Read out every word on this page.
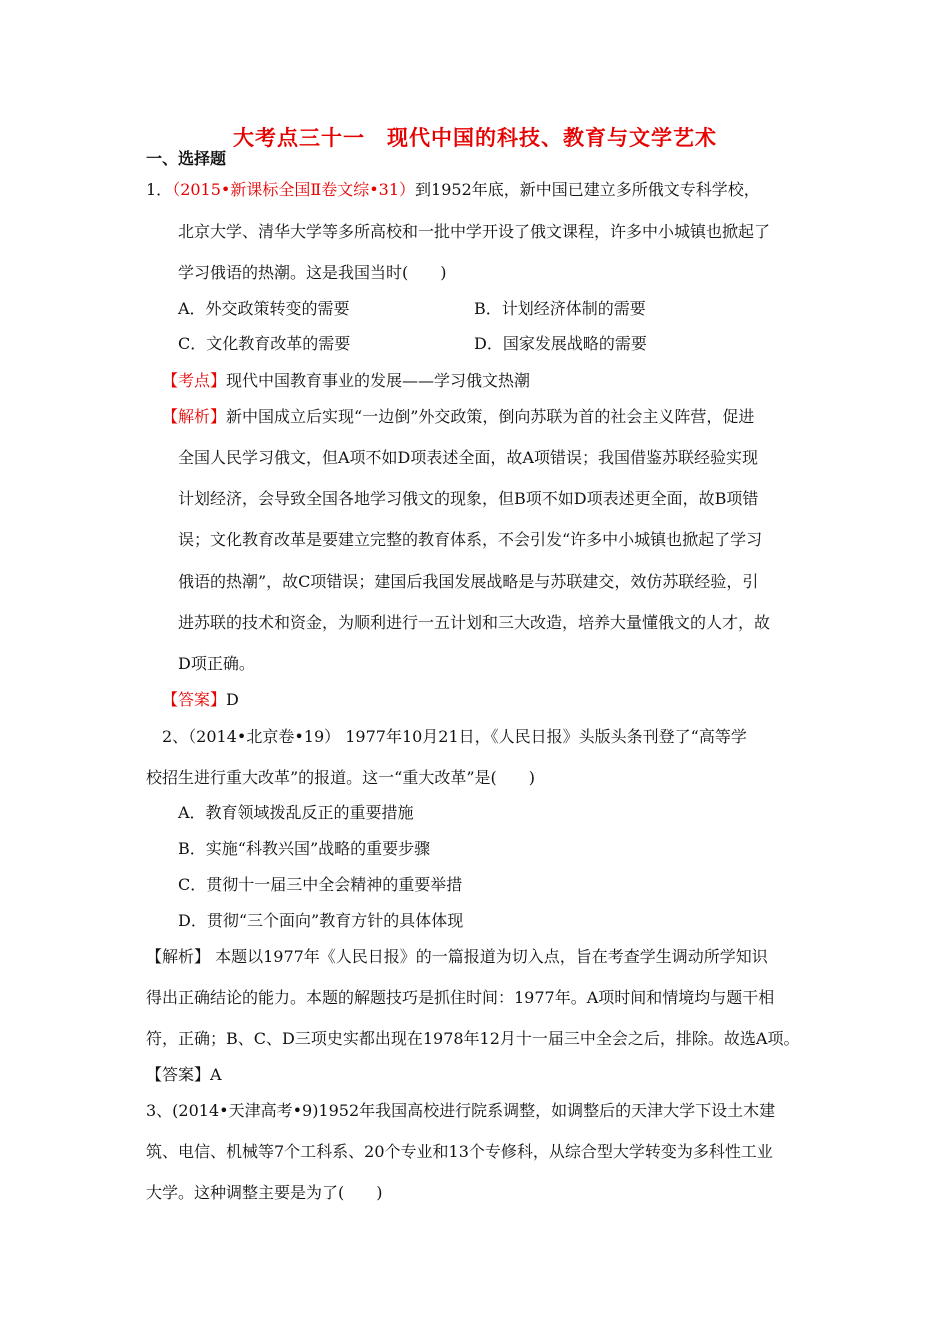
大考点三十一　现代中国的科技、教育与文学艺术
一、选择题
1．（2015•新课标全国Ⅱ卷文综•31）到1952年底，新中国已建立多所俄文专科学校，
北京大学、清华大学等多所高校和一批中学开设了俄文课程，许多中小城镇也掀起了
学习俄语的热潮。这是我国当时(　　)
A．外交政策转变的需要	B．计划经济体制的需要
C．文化教育改革的需要	D．国家发展战略的需要
【考点】现代中国教育事业的发展——学习俄文热潮
【解析】新中国成立后实现“一边倒”外交政策，倒向苏联为首的社会主义阵营，促进
全国人民学习俄文，但A项不如D项表述全面，故A项错误；我国借鉴苏联经验实现
计划经济，会导致全国各地学习俄文的现象，但B项不如D项表述更全面，故B项错
误；文化教育改革是要建立完整的教育体系，不会引发“许多中小城镇也掀起了学习
俄语的热潮”，故C项错误；建国后我国发展战略是与苏联建交，效仿苏联经验，引
进苏联的技术和资金，为顺利进行一五计划和三大改造，培养大量懂俄文的人才，故
D项正确。
【答案】D
2、（2014•北京卷•19） 1977年10月21日，《人民日报》头版头条刊登了“高等学
校招生进行重大改革”的报道。这一“重大改革”是(　　)
A．教育领域拨乱反正的重要措施
B．实施“科教兴国”战略的重要步骤
C．贯彻十一届三中全会精神的重要举措
D．贯彻“三个面向”教育方针的具体体现
【解析】 本题以1977年《人民日报》的一篇报道为切入点，旨在考查学生调动所学知识
得出正确结论的能力。本题的解题技巧是抓住时间：1977年。A项时间和情境均与题干相
符，正确；B、C、D三项史实都出现在1978年12月十一届三中全会之后，排除。故选A项。
【答案】A
3、(2014•天津高考•9)1952年我国高校进行院系调整，如调整后的天津大学下设土木建
筑、电信、机械等7个工科系、20个专业和13个专修科，从综合型大学转变为多科性工业
大学。这种调整主要是为了(　　)
